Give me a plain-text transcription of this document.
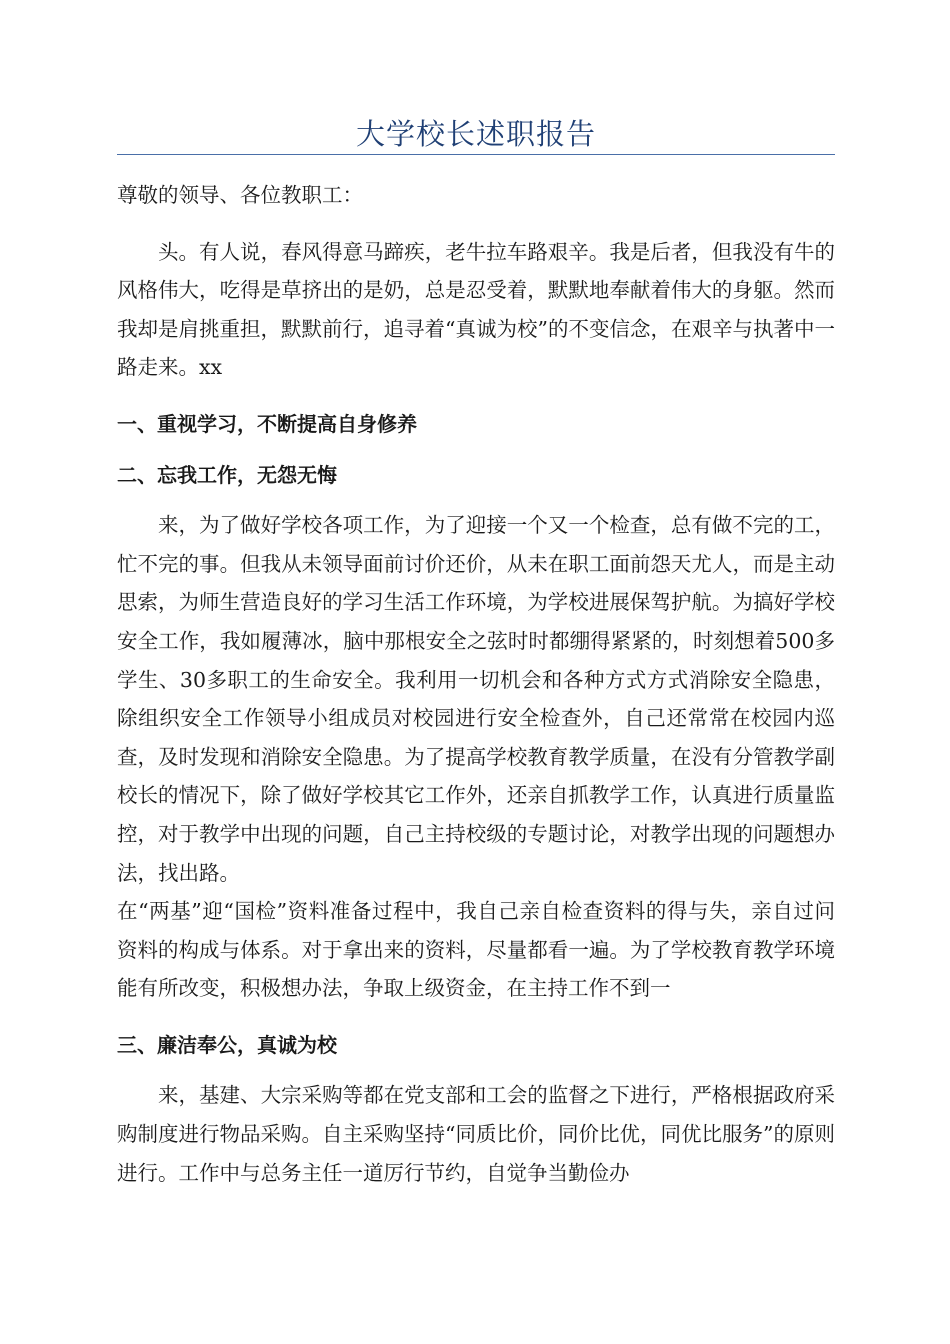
大学校长述职报告

尊敬的领导、各位教职工：

头。有人说，春风得意马蹄疾，老牛拉车路艰辛。我是后者，但我没有牛的风格伟大，吃得是草挤出的是奶，总是忍受着，默默地奉献着伟大的身躯。然而我却是肩挑重担，默默前行，追寻着“真诚为校”的不变信念，在艰辛与执著中一路走来。xx

一、重视学习，不断提高自身修养

二、忘我工作，无怨无悔

来，为了做好学校各项工作，为了迎接一个又一个检查，总有做不完的工，忙不完的事。但我从未领导面前讨价还价，从未在职工面前怨天尤人，而是主动思索，为师生营造良好的学习生活工作环境，为学校进展保驾护航。为搞好学校安全工作，我如履薄冰，脑中那根安全之弦时时都绷得紧紧的，时刻想着500多学生、30多职工的生命安全。我利用一切机会和各种方式方式消除安全隐患，除组织安全工作领导小组成员对校园进行安全检查外，自己还常常在校园内巡查，及时发现和消除安全隐患。为了提高学校教育教学质量，在没有分管教学副校长的情况下，除了做好学校其它工作外，还亲自抓教学工作，认真进行质量监控，对于教学中出现的问题，自己主持校级的专题讨论，对教学出现的问题想办法，找出路。

在“两基”迎“国检”资料准备过程中，我自己亲自检查资料的得与失，亲自过问资料的构成与体系。对于拿出来的资料，尽量都看一遍。为了学校教育教学环境能有所改变，积极想办法，争取上级资金，在主持工作不到一

三、廉洁奉公，真诚为校

来，基建、大宗采购等都在党支部和工会的监督之下进行，严格根据政府采购制度进行物品采购。自主采购坚持“同质比价，同价比优，同优比服务”的原则进行。工作中与总务主任一道厉行节约，自觉争当勤俭办
